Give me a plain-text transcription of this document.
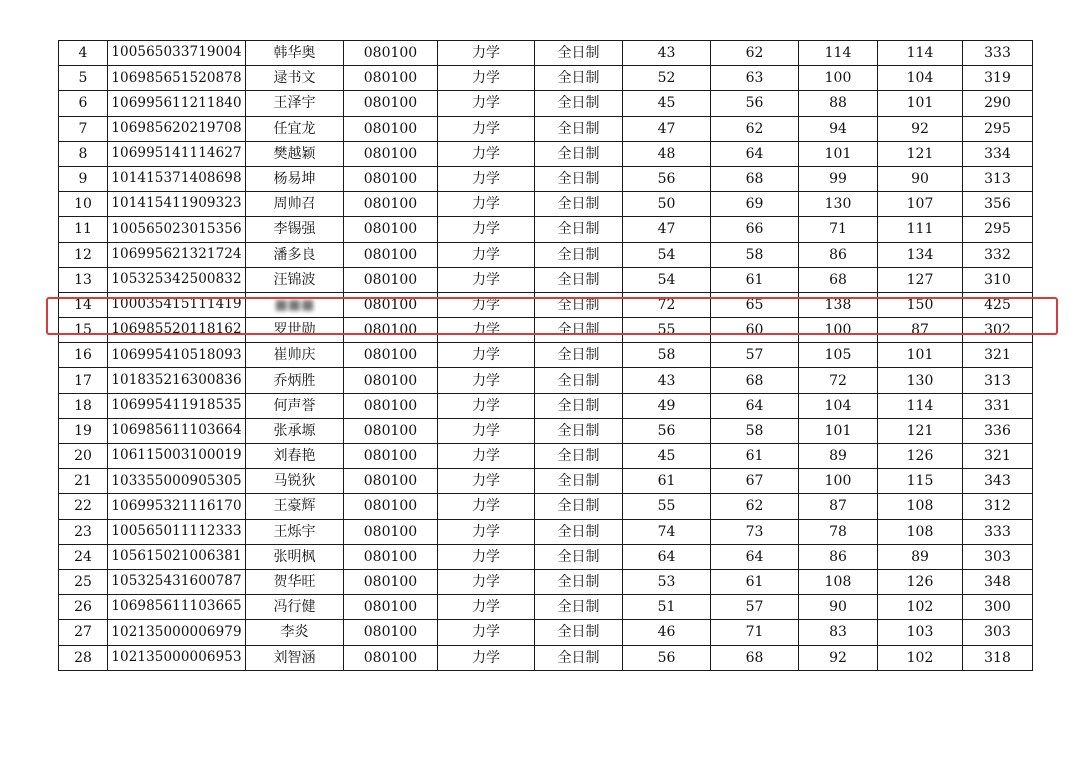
4	100565033719004	韩华奥	080100	力学	全日制	43	62	114	114	333
5	106985651520878	逯书文	080100	力学	全日制	52	63	100	104	319
6	106995611211840	王泽宇	080100	力学	全日制	45	56	88	101	290
7	106985620219708	任宜龙	080100	力学	全日制	47	62	94	92	295
8	106995141114627	樊越颖	080100	力学	全日制	48	64	101	121	334
9	101415371408698	杨易坤	080100	力学	全日制	56	68	99	90	313
10	101415411909323	周帅召	080100	力学	全日制	50	69	130	107	356
11	100565023015356	李锡强	080100	力学	全日制	47	66	71	111	295
12	106995621321724	潘多良	080100	力学	全日制	54	58	86	134	332
13	105325342500832	汪锦波	080100	力学	全日制	54	61	68	127	310
14	100035415111419	■■■	080100	力学	全日制	72	65	138	150	425
15	106985520118162	罗世勋	080100	力学	全日制	55	60	100	87	302
16	106995410518093	崔帅庆	080100	力学	全日制	58	57	105	101	321
17	101835216300836	乔炳胜	080100	力学	全日制	43	68	72	130	313
18	106995411918535	何声誉	080100	力学	全日制	49	64	104	114	331
19	106985611103664	张承塬	080100	力学	全日制	56	58	101	121	336
20	106115003100019	刘春艳	080100	力学	全日制	45	61	89	126	321
21	103355000905305	马锐狄	080100	力学	全日制	61	67	100	115	343
22	106995321116170	王豪辉	080100	力学	全日制	55	62	87	108	312
23	100565011112333	王烁宇	080100	力学	全日制	74	73	78	108	333
24	105615021006381	张明枫	080100	力学	全日制	64	64	86	89	303
25	105325431600787	贺华旺	080100	力学	全日制	53	61	108	126	348
26	106985611103665	冯行健	080100	力学	全日制	51	57	90	102	300
27	102135000006979	李炎	080100	力学	全日制	46	71	83	103	303
28	102135000006953	刘智涵	080100	力学	全日制	56	68	92	102	318
